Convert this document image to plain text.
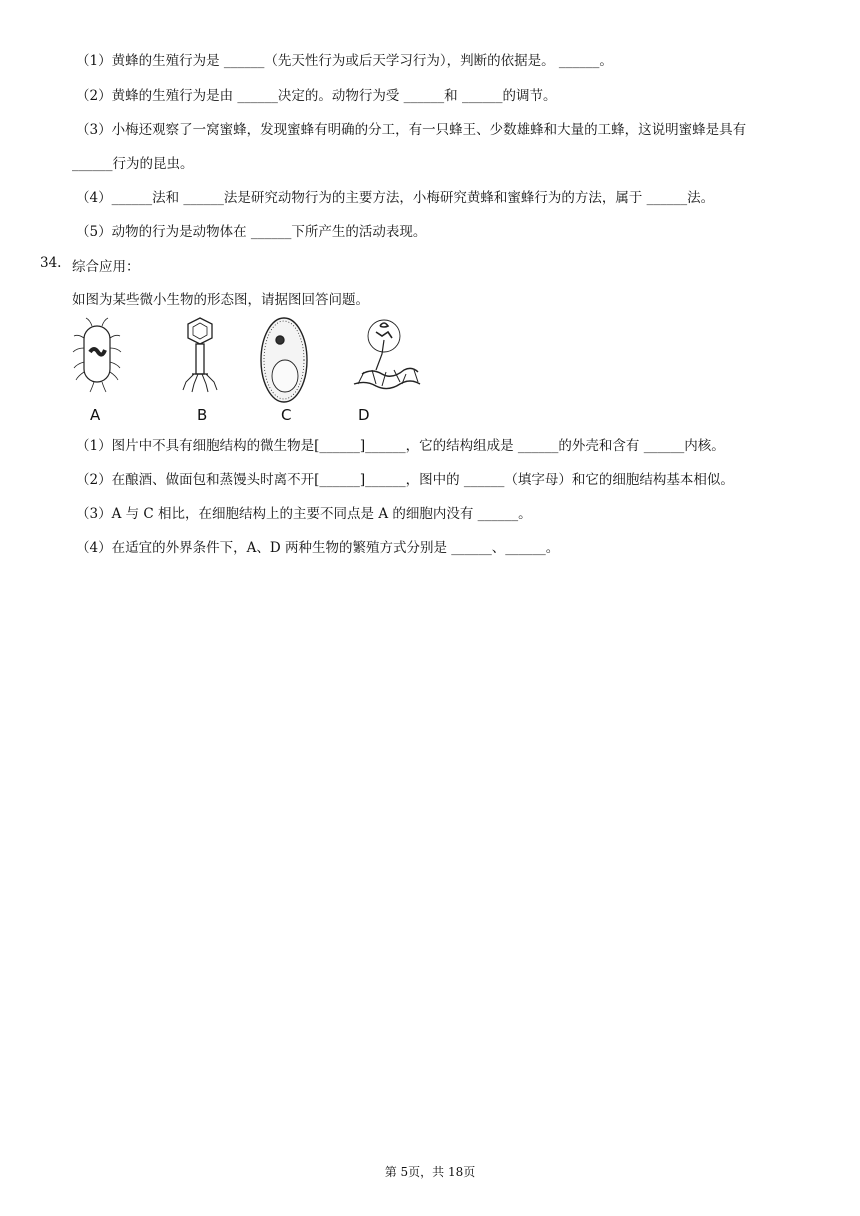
（1）黄蜂的生殖行为是 ______（先天性行为或后天学习行为），判断的依据是。 ______。
（2）黄蜂的生殖行为是由 ______决定的。动物行为受 ______和 ______的调节。
（3）小梅还观察了一窝蜜蜂，发现蜜蜂有明确的分工，有一只蜂王、少数雄蜂和大量的工蜂，这说明蜜蜂是具有
______行为的昆虫。
（4）______法和 ______法是研究动物行为的主要方法，小梅研究黄蜂和蜜蜂行为的方法，属于 ______法。
（5）动物的行为是动物体在 ______下所产生的活动表现。
34. 综合应用：
如图为某些微小生物的形态图，请据图回答问题。
A	B	C	D
（1）图片中不具有细胞结构的微生物是[______]______，它的结构组成是 ______的外壳和含有 ______内核。
（2）在酿酒、做面包和蒸馒头时离不开[______]______，图中的 ______（填字母）和它的细胞结构基本相似。
（3）A 与 C 相比，在细胞结构上的主要不同点是 A 的细胞内没有 ______。
（4）在适宜的外界条件下，A、D 两种生物的繁殖方式分别是 ______、______。
第 5页，共 18页
